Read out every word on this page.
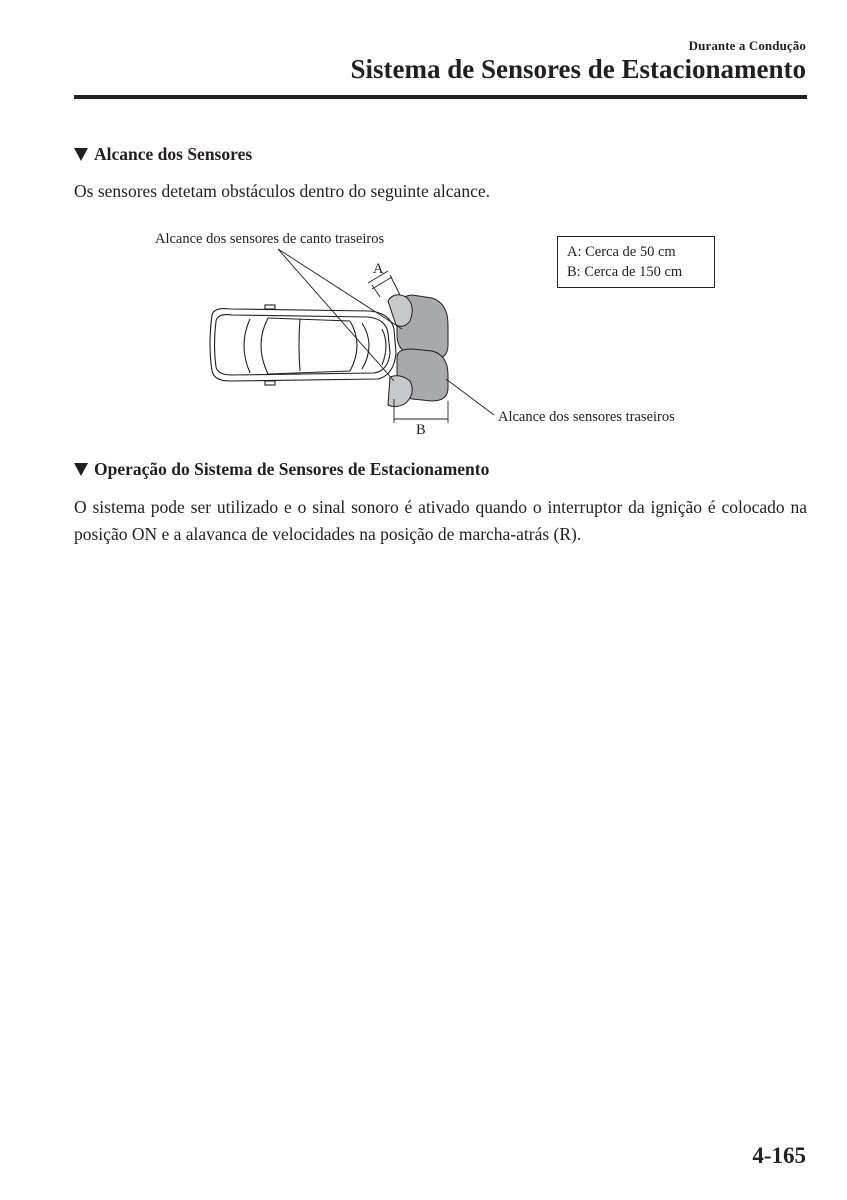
Durante a Condução
Sistema de Sensores de Estacionamento
Alcance dos Sensores

Os sensores detetam obstáculos dentro do seguinte alcance.

Alcance dos sensores de canto traseiros
A
B
Alcance dos sensores traseiros
A: Cerca de 50 cm
B: Cerca de 150 cm
Operação do Sistema de Sensores de Estacionamento

O sistema pode ser utilizado e o sinal sonoro é ativado quando o interruptor da ignição é colocado na posição ON e a alavanca de velocidades na posição de marcha-atrás (R).

4-165
